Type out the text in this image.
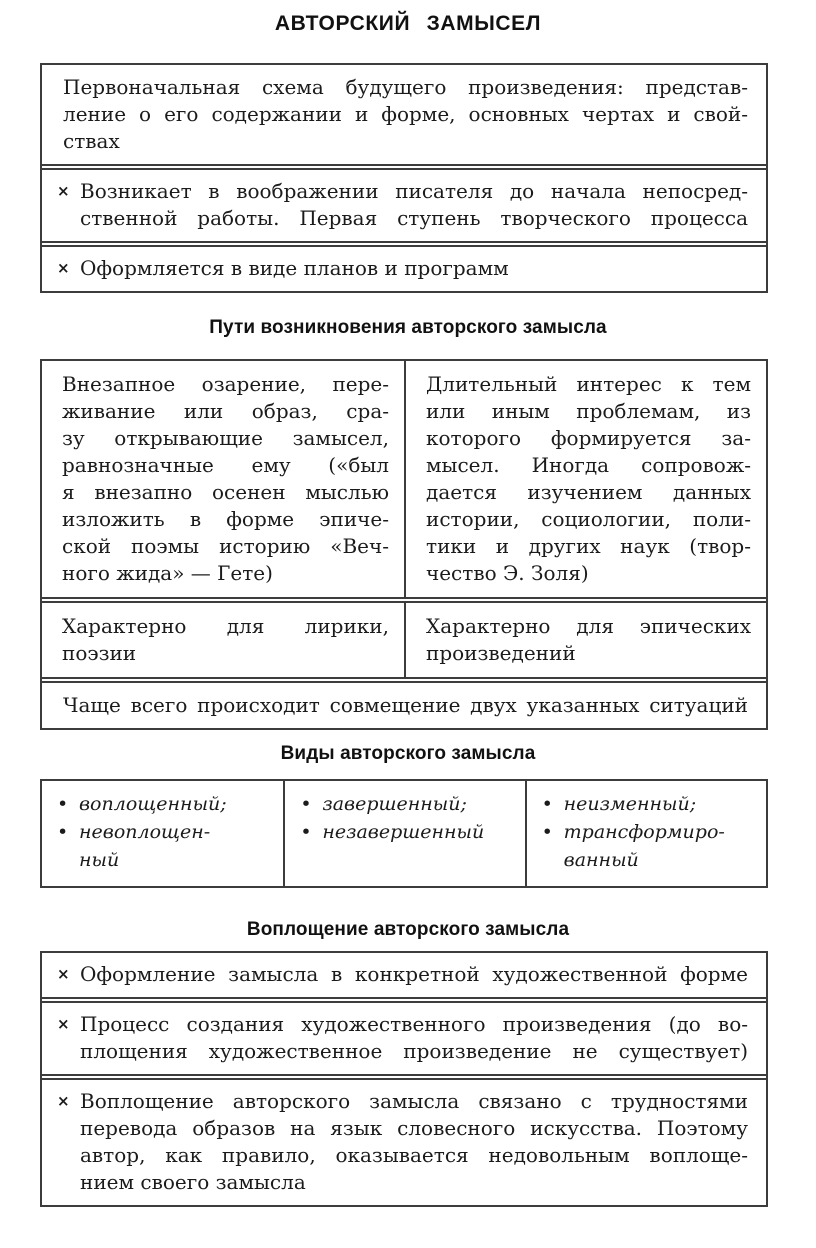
АВТОРСКИЙ ЗАМЫСЕЛ
Первоначальная схема будущего произведения: представ-
ление о его содержании и форме, основных чертах и свой-
ствах
× Возникает в воображении писателя до начала непосред-
ственной работы. Первая ступень творческого процесса
× Оформляется в виде планов и программ
Пути возникновения авторского замысла
Внезапное озарение, пере-
живание или образ, сра-
зу открывающие замысел,
равнозначные ему («был
я внезапно осенен мыслью
изложить в форме эпиче-
ской поэмы историю «Веч-
ного жида» — Гете)
Длительный интерес к тем
или иным проблемам, из
которого формируется за-
мысел. Иногда сопровож-
дается изучением данных
истории, социологии, поли-
тики и других наук (твор-
чество Э. Золя)
Характерно для лирики,
поэзии
Характерно для эпических
произведений
Чаще всего происходит совмещение двух указанных ситуаций
Виды авторского замысла
• воплощенный;
• невоплощен-
ный
• завершенный;
• незавершенный
• неизменный;
• трансформиро-
ванный
Воплощение авторского замысла
× Оформление замысла в конкретной художественной форме
× Процесс создания художественного произведения (до во-
площения художественное произведение не существует)
× Воплощение авторского замысла связано с трудностями
перевода образов на язык словесного искусства. Поэтому
автор, как правило, оказывается недовольным воплоще-
нием своего замысла
